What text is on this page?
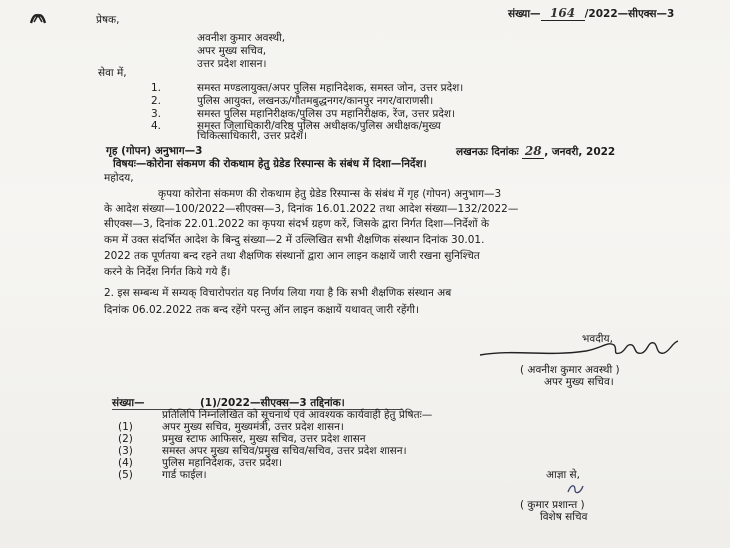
प्रेषक,	संख्या— 164 /2022—सीएक्स—3
अवनीश कुमार अवस्थी,
अपर मुख्य सचिव,
उत्तर प्रदेश शासन।
सेवा में,
1.	समस्त मण्डलायुक्त/अपर पुलिस महानिदेशक, समस्त जोन, उत्तर प्रदेश।
2.	पुलिस आयुक्त, लखनऊ/गौतमबुद्धनगर/कानपुर नगर/वाराणसी।
3.	समस्त पुलिस महानिरीक्षक/पुलिस उप महानिरीक्षक, रेंज, उत्तर प्रदेश।
4.	समस्त जिलाधिकारी/वरिष्ठ पुलिस अधीक्षक/पुलिस अधीक्षक/मुख्य
चिकित्साधिकारी, उत्तर प्रदेश।
गृह (गोपन) अनुभाग—3	लखनऊः दिनांकः 28 , जनवरी, 2022
विषयः—कोरोना संकमण की रोकथाम हेतु ग्रेडेड रिस्पान्स के संबंध में दिशा—निर्देश।
महोदय,
कृपया कोरोना संकमण की रोकथाम हेतु ग्रेडेड रिस्पान्स के संबंध में गृह (गोपन) अनुभाग—3
के आदेश संख्या—100/2022—सीएक्स—3, दिनांक 16.01.2022 तथा आदेश संख्या—132/2022—
सीएक्स—3, दिनांक 22.01.2022 का कृपया संदर्भ ग्रहण करें, जिसके द्वारा निर्गत दिशा—निर्देशों के
कम में उक्त संदर्भित आदेश के बिन्दु संख्या—2 में उल्लिखित सभी शैक्षणिक संस्थान दिनांक 30.01.
2022 तक पूर्णतया बन्द रहने तथा शैक्षणिक संस्थानों द्वारा आन लाइन कक्षायें जारी रखना सुनिश्चित
करने के निर्देश निर्गत किये गये हैं।
2. इस सम्बन्ध में सम्यक् विचारोपरांत यह निर्णय लिया गया है कि सभी शैक्षणिक संस्थान अब
दिनांक 06.02.2022 तक बन्द रहेंगे परन्तु ऑन लाइन कक्षायें यथावत् जारी रहेंगी।
भवदीय,
( अवनीश कुमार अवस्थी )
अपर मुख्य सचिव।
संख्या—	(1)/2022—सीएक्स—3 तद्दिनांक।
प्रतिलिपि निम्नलिखित को सूचनार्थ एवं आवश्यक कार्यवाही हेतु प्रेषितः—
(1)	अपर मुख्य सचिव, मुख्यमंत्री, उत्तर प्रदेश शासन।
(2)	प्रमुख स्टाफ आफिसर, मुख्य सचिव, उत्तर प्रदेश शासन
(3)	समस्त अपर मुख्य सचिव/प्रमुख सचिव/सचिव, उत्तर प्रदेश शासन।
(4)	पुलिस महानिदेशक, उत्तर प्रदेश।
(5)	गार्ड फाईल।	आज्ञा से,
( कुमार प्रशान्त )
विशेष सचिव
